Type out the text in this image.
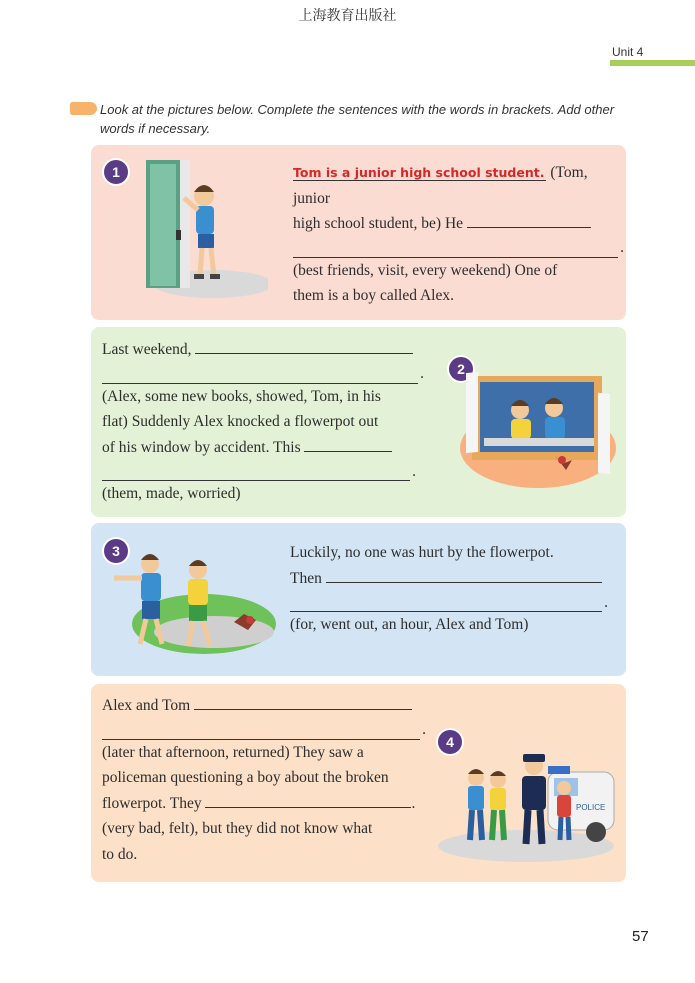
上海教育出版社
Unit 4
Look at the pictures below. Complete the sentences with the words in brackets. Add other words if necessary.
1	Tom is a junior high school student. (Tom, junior
high school student, be) He
.
(best friends, visit, every weekend) One of
them is a boy called Alex.
Last weekend,
.
(Alex, some new books, showed, Tom, in his
flat) Suddenly Alex knocked a flowerpot out
of his window by accident. This
.
(them, made, worried)
2
3	Luckily, no one was hurt by the flowerpot.
Then
.
(for, went out, an hour, Alex and Tom)
Alex and Tom
.
(later that afternoon, returned) They saw a
policeman questioning a boy about the broken
flowerpot. They	.
(very bad, felt), but they did not know what
to do.
4
POLICE
57
